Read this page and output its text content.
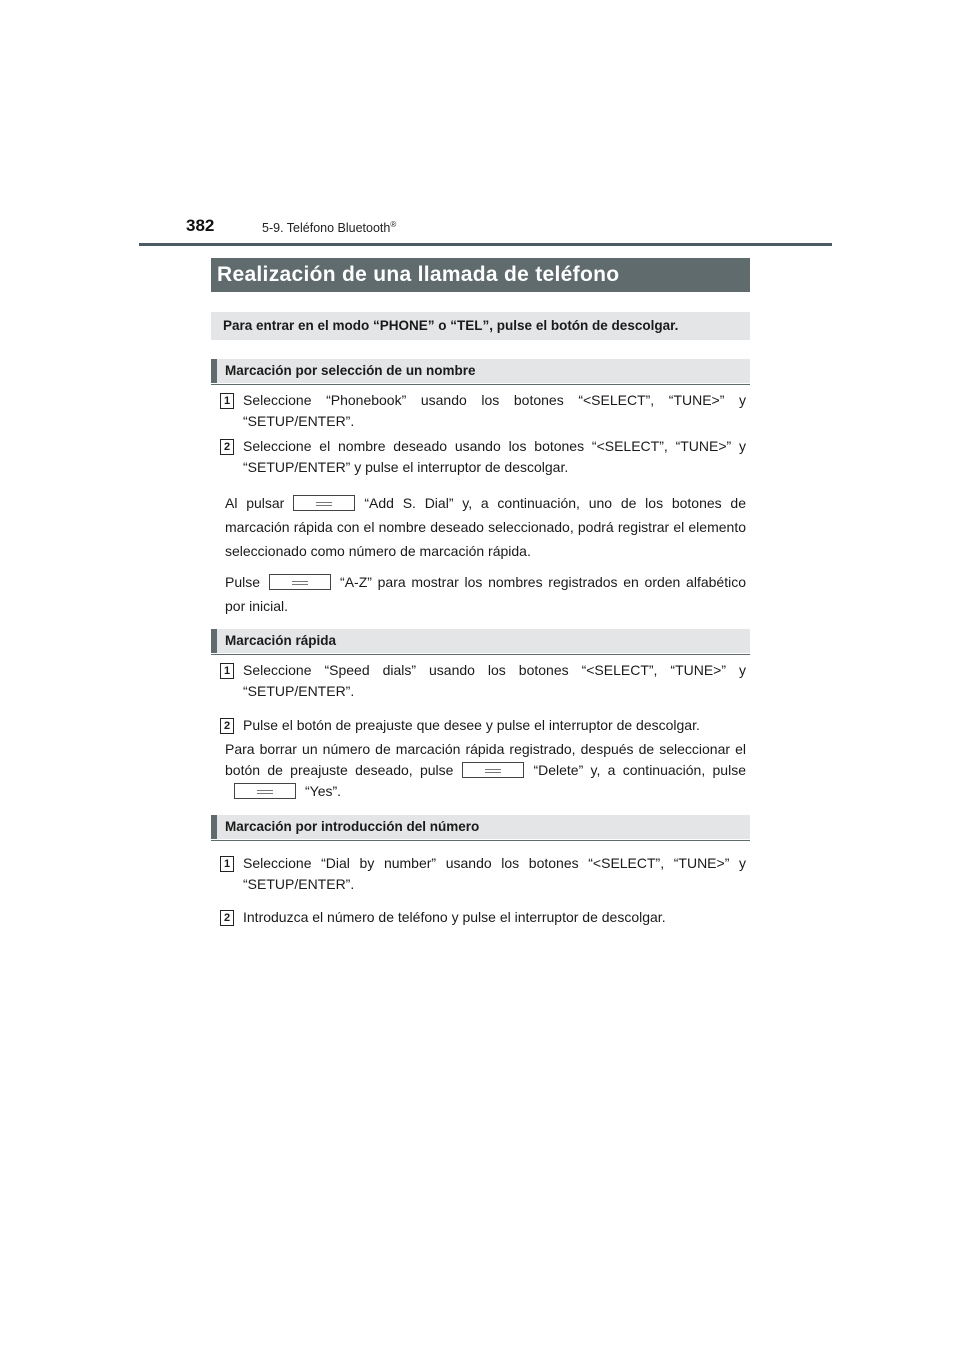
382	5-9. Teléfono Bluetooth®
Realización de una llamada de teléfono
Para entrar en el modo “PHONE” o “TEL”, pulse el botón de descolgar.
Marcación por selección de un nombre
1 Seleccione “Phonebook” usando los botones “<SELECT”, “TUNE>” y “SETUP/ENTER”.
2 Seleccione el nombre deseado usando los botones “<SELECT”, “TUNE>” y “SETUP/ENTER” y pulse el interruptor de descolgar.
Al pulsar	“Add S. Dial” y, a continuación, uno de los botones de marcación rápida con el nombre deseado seleccionado, podrá registrar el elemento seleccionado como número de marcación rápida.
Pulse	“A-Z” para mostrar los nombres registrados en orden alfabético por inicial.
Marcación rápida
1 Seleccione “Speed dials” usando los botones “<SELECT”, “TUNE>” y “SETUP/ENTER”.
2 Pulse el botón de preajuste que desee y pulse el interruptor de descolgar.
Para borrar un número de marcación rápida registrado, después de seleccionar el botón de preajuste deseado, pulse	“Delete” y, a continuación, pulse“Yes”.
Marcación por introducción del número
1 Seleccione “Dial by number” usando los botones “<SELECT”, “TUNE>” y “SETUP/ENTER”.
2 Introduzca el número de teléfono y pulse el interruptor de descolgar.
